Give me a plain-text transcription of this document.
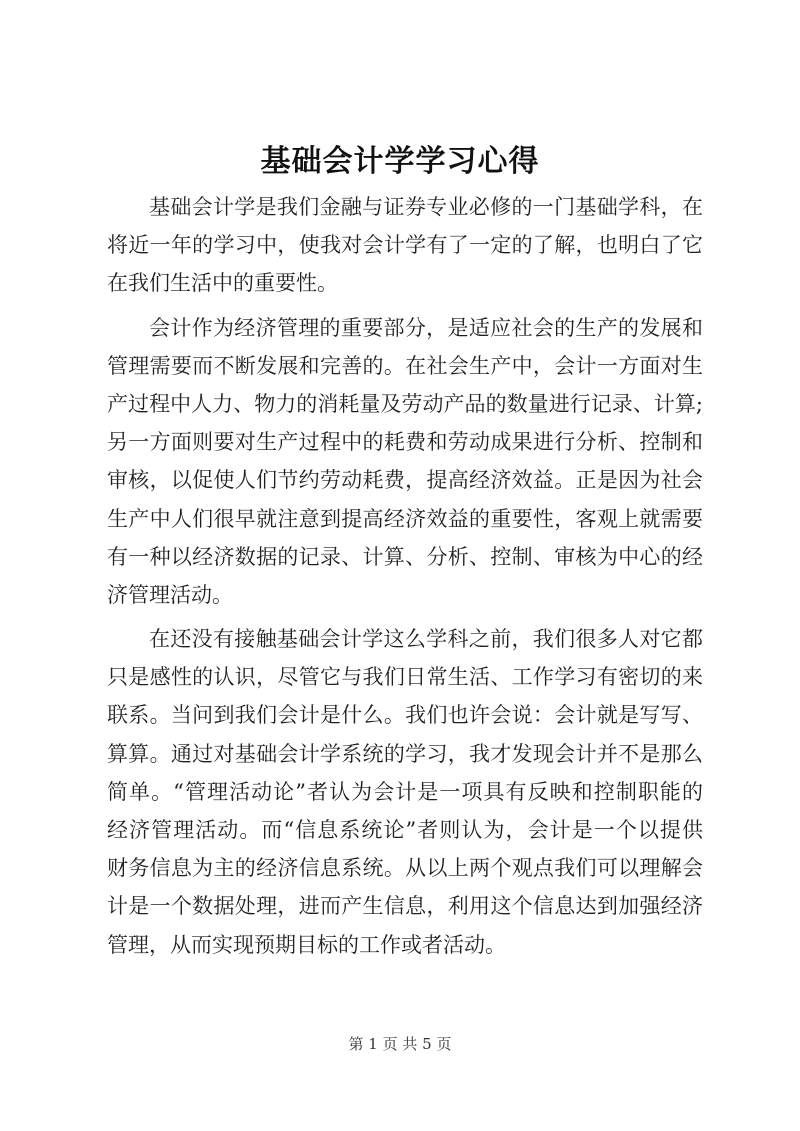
基础会计学学习心得
基础会计学是我们金融与证券专业必修的一门基础学科，在
将近一年的学习中，使我对会计学有了一定的了解，也明白了它
在我们生活中的重要性。
会计作为经济管理的重要部分，是适应社会的生产的发展和
管理需要而不断发展和完善的。在社会生产中，会计一方面对生
产过程中人力、物力的消耗量及劳动产品的数量进行记录、计算;
另一方面则要对生产过程中的耗费和劳动成果进行分析、控制和
审核，以促使人们节约劳动耗费，提高经济效益。正是因为社会
生产中人们很早就注意到提高经济效益的重要性，客观上就需要
有一种以经济数据的记录、计算、分析、控制、审核为中心的经
济管理活动。
在还没有接触基础会计学这么学科之前，我们很多人对它都
只是感性的认识，尽管它与我们日常生活、工作学习有密切的来
联系。当问到我们会计是什么。我们也许会说：会计就是写写、
算算。通过对基础会计学系统的学习，我才发现会计并不是那么
简单。“管理活动论”者认为会计是一项具有反映和控制职能的
经济管理活动。而“信息系统论”者则认为，会计是一个以提供
财务信息为主的经济信息系统。从以上两个观点我们可以理解会
计是一个数据处理，进而产生信息，利用这个信息达到加强经济
管理，从而实现预期目标的工作或者活动。
第 1 页 共 5 页
